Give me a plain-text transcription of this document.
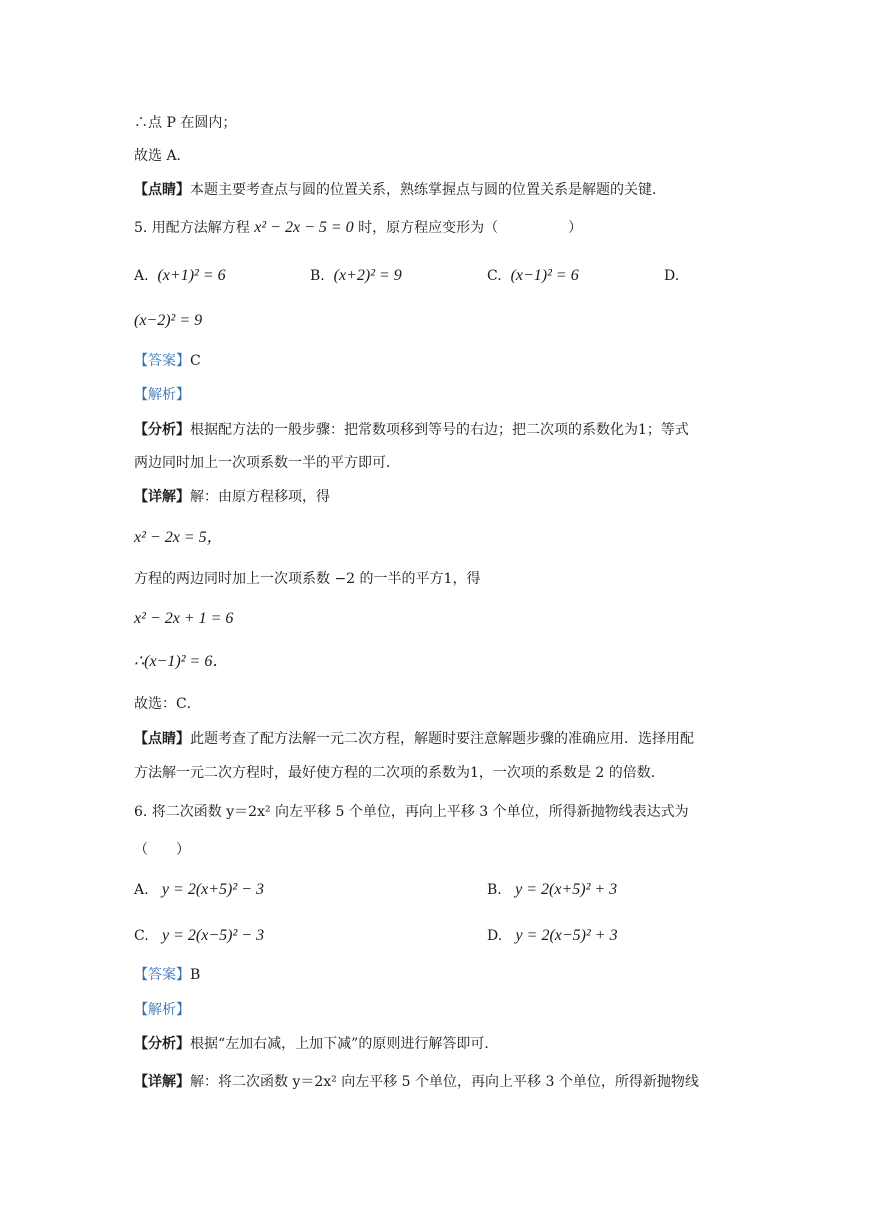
∴点 P 在圆内；
故选 A．
【点睛】本题主要考查点与圆的位置关系，熟练掌握点与圆的位置关系是解题的关键．
5. 用配方法解方程 x² − 2x − 5 = 0 时，原方程应变形为（　　　　　）
A. (x+1)² = 6	B. (x+2)² = 9	C. (x−1)² = 6	D.
(x−2)² = 9
【答案】C
【解析】
【分析】根据配方法的一般步骤：把常数项移到等号的右边；把二次项的系数化为1；等式
两边同时加上一次项系数一半的平方即可．
【详解】解：由原方程移项，得
x² − 2x = 5，
方程的两边同时加上一次项系数 −2 的一半的平方1，得
x² − 2x + 1 = 6
∴(x−1)² = 6．
故选：C．
【点睛】此题考查了配方法解一元二次方程，解题时要注意解题步骤的准确应用．选择用配
方法解一元二次方程时，最好使方程的二次项的系数为1，一次项的系数是 2 的倍数．
6. 将二次函数 y＝2x² 向左平移 5 个单位，再向上平移 3 个单位，所得新抛物线表达式为
（　　）
A. y = 2(x+5)² − 3	B. y = 2(x+5)² + 3
C. y = 2(x−5)² − 3	D. y = 2(x−5)² + 3
【答案】B
【解析】
【分析】根据“左加右减，上加下减”的原则进行解答即可．
【详解】解：将二次函数 y＝2x² 向左平移 5 个单位，再向上平移 3 个单位，所得新抛物线
